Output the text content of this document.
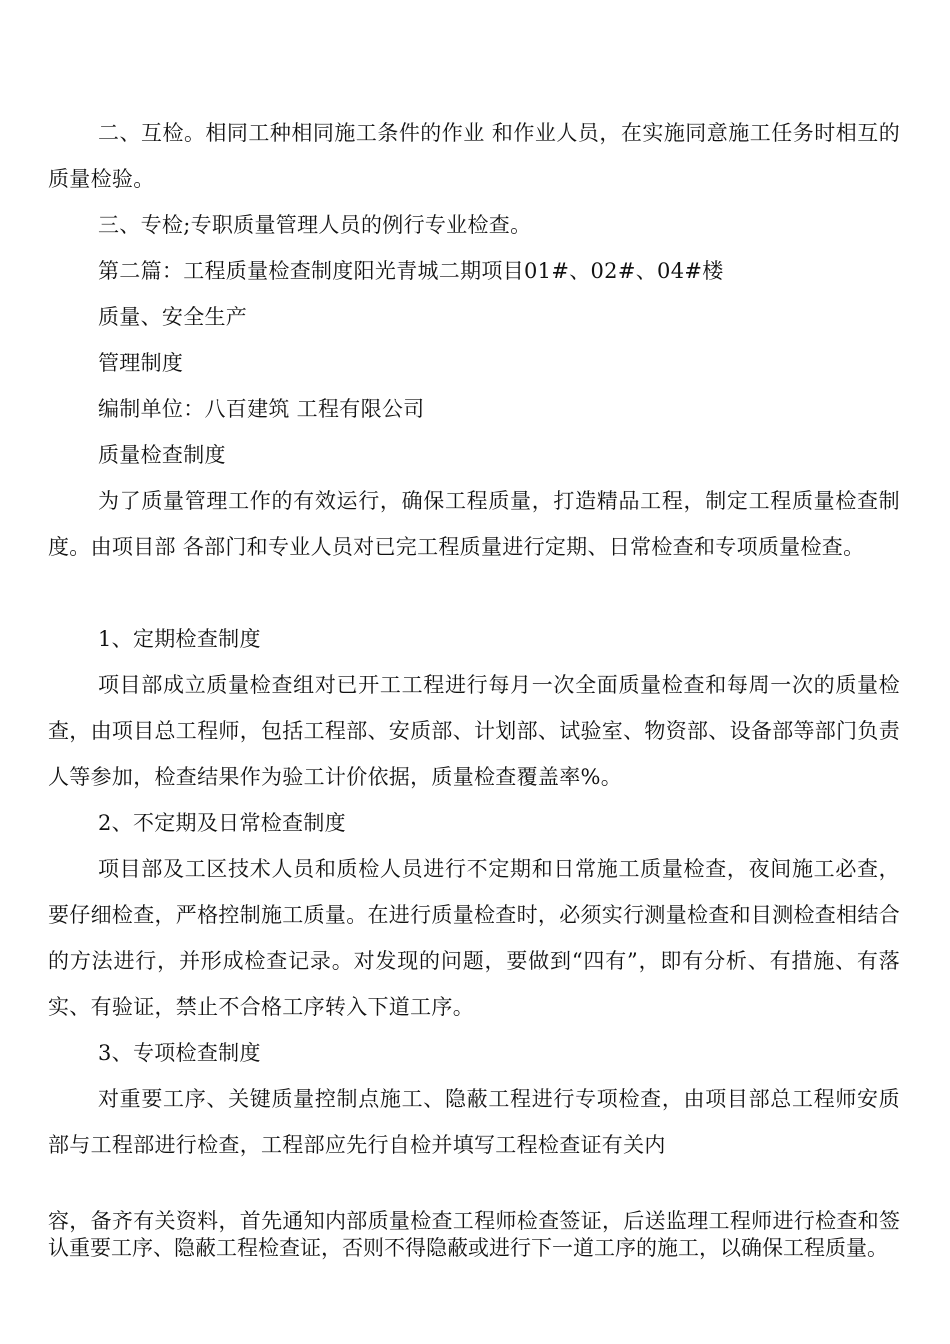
二、互检。相同工种相同施工条件的作业 和作业人员，在实施同意施工任务时相互的质量检验。

三、专检;专职质量管理人员的例行专业检查。

第二篇：工程质量检查制度阳光青城二期项目01#、02#、04#楼

质量、安全生产

管理制度

编制单位：八百建筑 工程有限公司

质量检查制度

为了质量管理工作的有效运行，确保工程质量，打造精品工程，制定工程质量检查制度。由项目部 各部门和专业人员对已完工程质量进行定期、日常检查和专项质量检查。

1、定期检查制度

项目部成立质量检查组对已开工工程进行每月一次全面质量检查和每周一次的质量检查，由项目总工程师，包括工程部、安质部、计划部、试验室、物资部、设备部等部门负责人等参加，检查结果作为验工计价依据，质量检查覆盖率%。

2、不定期及日常检查制度

项目部及工区技术人员和质检人员进行不定期和日常施工质量检查，夜间施工必查，要仔细检查，严格控制施工质量。在进行质量检查时，必须实行测量检查和目测检查相结合的方法进行，并形成检查记录。对发现的问题，要做到“四有”，即有分析、有措施、有落实、有验证，禁止不合格工序转入下道工序。

3、专项检查制度

对重要工序、关键质量控制点施工、隐蔽工程进行专项检查，由项目部总工程师安质部与工程部进行检查，工程部应先行自检并填写工程检查证有关内

容，备齐有关资料，首先通知内部质量检查工程师检查签证，后送监理工程师进行检查和签认重要工序、隐蔽工程检查证，否则不得隐蔽或进行下一道工序的施工，以确保工程质量。
